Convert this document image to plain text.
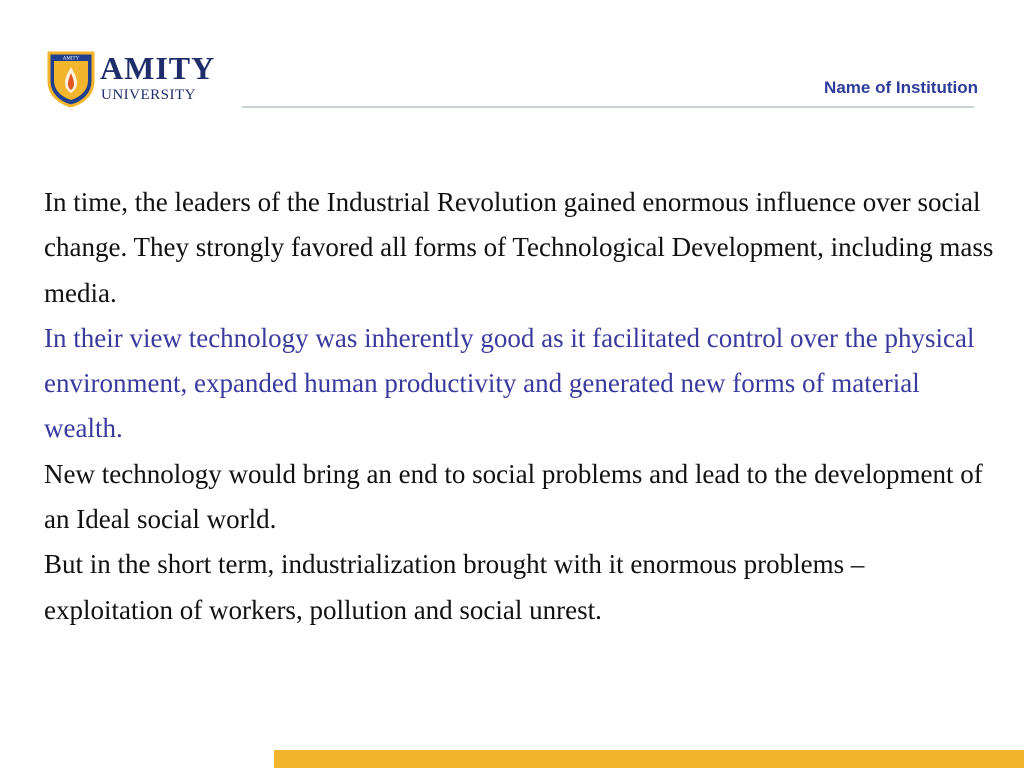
AMITY AMITY
UNIVERSITY	Name of Institution

In time, the leaders of the Industrial Revolution gained enormous influence over social change. They strongly favored all forms of Technological Development, including mass media.

In their view technology was inherently good as it facilitated control over the physical environment, expanded human productivity and generated new forms of material wealth.

New technology would bring an end to social problems and lead to the development of an Ideal social world.

But in the short term, industrialization brought with it enormous problems – exploitation of workers, pollution and social unrest.
